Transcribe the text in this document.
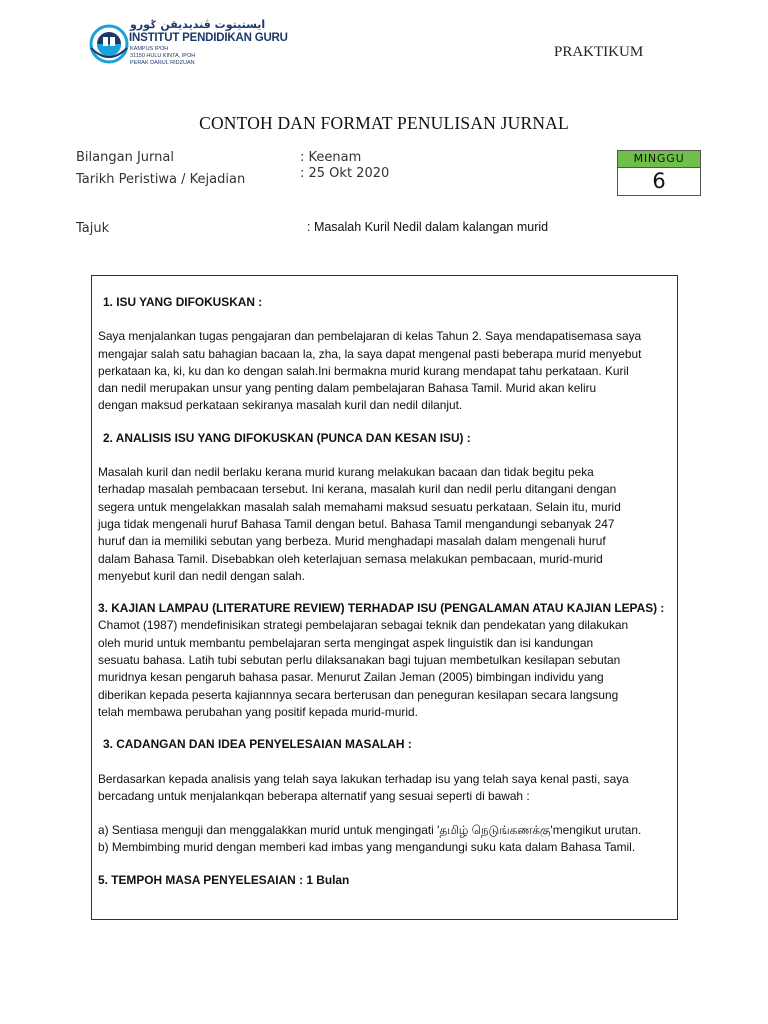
ايستيتوت ڤنديديقن ݢورو
INSTITUT PENDIDIKAN GURU
KAMPUS IPOH
31150 HULU KINTA, IPOH
PERAK DARUL RIDZUAN
PRAKTIKUM
CONTOH DAN FORMAT PENULISAN JURNAL
Bilangan Jurnal	: Keenam
Tarikh Peristiwa / Kejadian	: 25 Okt 2020
MINGGU
6
Tajuk	: Masalah Kuril Nedil dalam kalangan murid

1. ISU YANG DIFOKUSKAN :

Saya menjalankan tugas pengajaran dan pembelajaran di kelas Tahun 2. Saya mendapatisemasa saya

mengajar salah satu bahagian bacaan la, zha, la saya dapat mengenal pasti beberapa murid menyebut

perkataan ka, ki, ku dan ko dengan salah.Ini bermakna murid kurang mendapat tahu perkataan. Kuril

dan nedil merupakan unsur yang penting dalam pembelajaran Bahasa Tamil. Murid akan keliru

dengan maksud perkataan sekiranya masalah kuril dan nedil dilanjut.

2. ANALISIS ISU YANG DIFOKUSKAN (PUNCA DAN KESAN ISU) :

Masalah kuril dan nedil berlaku kerana murid kurang melakukan bacaan dan tidak begitu peka

terhadap masalah pembacaan tersebut. Ini kerana, masalah kuril dan nedil perlu ditangani dengan

segera untuk mengelakkan masalah salah memahami maksud sesuatu perkataan. Selain itu, murid

juga tidak mengenali huruf Bahasa Tamil dengan betul. Bahasa Tamil mengandungi sebanyak 247

huruf dan ia memiliki sebutan yang berbeza. Murid menghadapi masalah dalam mengenali huruf

dalam Bahasa Tamil. Disebabkan oleh keterlajuan semasa melakukan pembacaan, murid-murid

menyebut kuril dan nedil dengan salah.

3. KAJIAN LAMPAU (LITERATURE REVIEW) TERHADAP ISU (PENGALAMAN ATAU KAJIAN LEPAS) :

Chamot (1987) mendefinisikan strategi pembelajaran sebagai teknik dan pendekatan yang dilakukan

oleh murid untuk membantu pembelajaran serta mengingat aspek linguistik dan isi kandungan

sesuatu bahasa. Latih tubi sebutan perlu dilaksanakan bagi tujuan membetulkan kesilapan sebutan

muridnya kesan pengaruh bahasa pasar. Menurut Zailan Jeman (2005) bimbingan individu yang

diberikan kepada peserta kajiannnya secara berterusan dan peneguran kesilapan secara langsung

telah membawa perubahan yang positif kepada murid-murid.

3. CADANGAN DAN IDEA PENYELESAIAN MASALAH :

Berdasarkan kepada analisis yang telah saya lakukan terhadap isu yang telah saya kenal pasti, saya

bercadang untuk menjalankqan beberapa alternatif yang sesuai seperti di bawah :

a) Sentiasa menguji dan menggalakkan murid untuk mengingati 'தமிழ் நெடுங்கணக்கு'mengikut urutan.

b) Membimbing murid dengan memberi kad imbas yang mengandungi suku kata dalam Bahasa Tamil.

5. TEMPOH MASA PENYELESAIAN : 1 Bulan
